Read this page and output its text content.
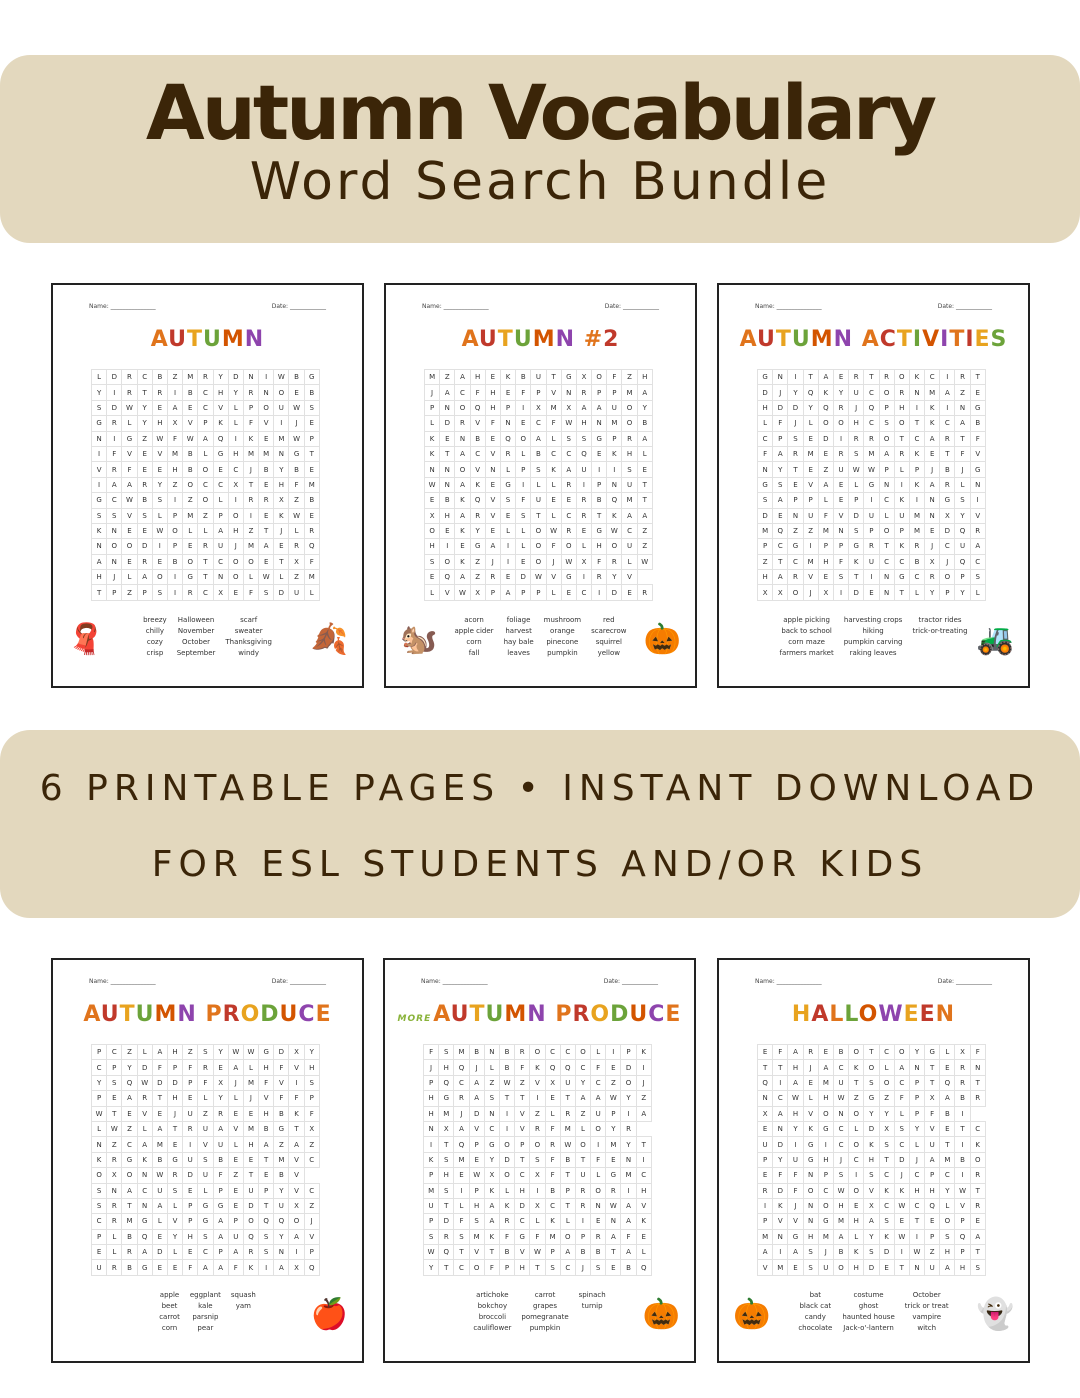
Autumn Vocabulary
Word Search Bundle
6 PRINTABLE PAGES • INSTANT DOWNLOAD
FOR ESL STUDENTS AND/OR KIDS
Name: _______________	Date: ____________
AUTUMN
L	D	R	C	B	Z	M	R	Y	D	N	I	W	B	G
Y	I	R	T	R	I	B	C	H	Y	R	N	O	E	B
S	D	W	Y	E	A	E	C	V	L	P	O	U	W	S
G	R	L	Y	H	X	V	P	K	L	F	V	I	J	E
N	I	G	Z	W	F	W	A	Q	I	K	E	M	W	P
I	F	V	E	V	M	B	L	G	H	M	M	N	G	T
V	R	F	E	E	H	B	O	E	C	J	B	Y	B	E
I	A	A	R	Y	Z	O	C	C	X	T	E	H	F	M
G	C	W	B	S	I	Z	O	L	I	R	R	X	Z	B
S	S	V	S	L	P	M	Z	P	O	I	E	K	W	E
K	N	E	E	W	O	L	L	A	H	Z	T	J	L	R
N	O	O	D	I	P	E	R	U	J	M	A	E	R	Q
A	N	E	R	E	B	O	T	C	O	O	E	T	X	F
H	J	L	A	O	I	G	T	N	O	L	W	L	Z	M
T	P	Z	P	S	I	R	C	X	E	F	S	D	U	L
breezy
chilly
cozy
crisp
Halloween
November
October
September
scarf
sweater
Thanksgiving
windy
🧣	🍂
Name: _______________	Date: ____________
AUTUMN #2
M	Z	A	H	E	K	B	U	T	G	X	O	F	Z	H
J	A	C	F	H	E	F	P	V	N	R	P	P	M	A
P	N	O	Q	H	P	I	X	M	X	A	A	U	O	Y
L	D	R	V	F	N	E	C	F	W	H	N	M	O	B
K	E	N	B	E	Q	O	A	L	S	S	G	P	R	A
K	T	A	C	V	R	L	B	C	C	Q	E	K	H	L
N	N	O	V	N	L	P	S	K	A	U	I	I	S	E
W	N	A	K	E	G	I	L	L	R	I	P	N	U	T
E	B	K	Q	V	S	F	U	E	E	R	B	Q	M	T
X	H	A	R	V	E	S	T	L	C	R	T	K	A	A
O	E	K	Y	E	L	L	O	W	R	E	G	W	C	Z
H	I	E	G	A	I	L	O	F	O	L	H	O	U	Z
S	O	K	Z	J	I	E	O	J	W	X	F	R	L	W
E	Q	A	Z	R	E	D	W	V	G	I	R	Y	V	
L	V	W	X	P	A	P	P	L	E	C	I	D	E	R
acorn
apple cider
corn
fall
foliage
harvest
hay bale
leaves
mushroom
orange
pinecone
pumpkin
red
scarecrow
squirrel
yellow
🐿️	🎃
Name: _______________	Date: ____________
AUTUMN ACTIVITIES
G	N	I	T	A	E	R	T	R	O	K	C	I	R	T
D	J	Y	Q	K	Y	U	C	O	R	N	M	A	Z	E
H	D	D	Y	Q	R	J	Q	P	H	I	K	I	N	G
L	F	J	L	O	O	H	C	S	O	T	K	C	A	B
C	P	S	E	D	I	R	R	O	T	C	A	R	T	F
F	A	R	M	E	R	S	M	A	R	K	E	T	F	V
N	Y	T	E	Z	U	W	W	P	L	P	J	B	J	G
G	S	E	V	A	E	L	G	N	I	K	A	R	L	N
S	A	P	P	L	E	P	I	C	K	I	N	G	S	I
D	E	N	U	F	V	D	U	L	U	M	N	X	Y	V
M	Q	Z	Z	M	N	S	P	O	P	M	E	D	Q	R
P	C	G	I	P	P	G	R	T	K	R	J	C	U	A
Z	T	C	M	H	F	K	U	C	C	B	X	J	Q	C
H	A	R	V	E	S	T	I	N	G	C	R	O	P	S
X	X	O	J	X	I	D	E	N	T	L	Y	P	Y	L
apple picking
back to school
corn maze
farmers market
harvesting crops
hiking
pumpkin carving
raking leaves
tractor rides
trick-or-treating 🚜
Name: _______________	Date: ____________
AUTUMN PRODUCE
P	C	Z	L	A	H	Z	S	Y	W	W	G	D	X	Y
C	P	Y	D	F	P	F	R	E	A	L	H	F	V	H
Y	S	Q	W	D	D	P	F	X	J	M	F	V	I	S
P	E	A	R	T	H	E	L	Y	L	J	V	F	F	P
W	T	E	V	E	J	U	Z	R	E	E	H	B	K	F
L	W	Z	L	A	T	R	U	A	V	M	B	G	T	X
N	Z	C	A	M	E	I	V	U	L	H	A	Z	A	Z
K	R	G	K	B	G	U	S	B	E	E	T	M	V	C
O	X	O	N	W	R	D	U	F	Z	T	E	B	V	
S	N	A	C	U	S	E	L	P	E	U	P	Y	V	C
S	R	T	N	A	L	P	G	G	E	D	T	U	X	Z
C	R	M	G	L	V	P	G	A	P	O	Q	Q	O	J
P	L	B	Q	E	Y	H	S	A	U	Q	S	Y	A	V
E	L	R	A	D	L	E	C	P	A	R	S	N	I	P
U	R	B	G	E	E	F	A	A	F	K	I	A	X	Q
apple
beet
carrot
corn
eggplant
kale
parsnip
pear
squash
yam 🍎
Name: _______________	Date: ____________
MOREAUTUMN PRODUCE
F	S	M	B	N	B	R	O	C	C	O	L	I	P	K
J	H	Q	J	L	B	F	K	Q	Q	C	F	E	D	I
P	Q	C	A	Z	W	Z	V	X	U	Y	C	Z	O	J
H	G	R	A	S	T	T	I	E	T	A	A	W	Y	Z
H	M	J	D	N	I	V	Z	L	R	Z	U	P	I	A
N	X	A	V	C	I	V	R	F	M	L	O	Y	R	
I	T	Q	P	G	O	P	O	R	W	O	I	M	Y	T
K	S	M	E	Y	D	T	S	F	B	T	F	E	N	I
P	H	E	W	X	O	C	X	F	T	U	L	G	M	C
M	S	I	P	K	L	H	I	B	P	R	O	R	I	H
U	T	L	H	A	K	D	X	C	T	R	N	W	A	V
P	D	F	S	A	R	C	L	K	L	I	E	N	A	K
S	R	S	M	K	F	G	F	M	O	P	R	A	F	E
W	Q	T	V	T	B	V	W	P	A	B	B	T	A	L
Y	T	C	O	F	P	H	T	S	C	J	S	E	B	Q
artichoke
bokchoy
broccoli
cauliflower
carrot
grapes
pomegranate
pumpkin
spinach
turnip 🎃
Name: _______________	Date: ____________
HALLOWEEN
E	F	A	R	E	B	O	T	C	O	Y	G	L	X	F
T	T	H	J	A	C	K	O	L	A	N	T	E	R	N
Q	I	A	E	M	U	T	S	O	C	P	T	Q	R	T
N	C	W	L	H	W	Z	G	Z	F	P	X	A	B	R
X	A	H	V	O	N	O	Y	Y	L	P	F	B	I	
E	N	Y	K	G	C	L	D	X	S	Y	V	E	T	C
U	D	I	G	I	C	O	K	S	C	L	U	T	I	K
P	Y	U	G	H	J	C	H	T	D	J	A	M	B	O
E	F	F	N	P	S	I	S	C	J	C	P	C	I	R
R	D	F	O	C	W	O	V	K	K	H	H	Y	W	T
I	K	J	N	O	H	E	X	C	W	C	Q	L	V	R
P	V	V	N	G	M	H	A	S	E	T	E	O	P	E
M	N	G	H	M	A	L	Y	K	W	I	P	S	Q	A
A	I	A	S	J	B	K	S	D	I	W	Z	H	P	T
V	M	E	S	U	O	H	D	E	T	N	U	A	H	S
bat
black cat
candy
chocolate
costume
ghost
haunted house
Jack-o'-lantern
October
trick or treat
vampire
witch
🎃	👻
